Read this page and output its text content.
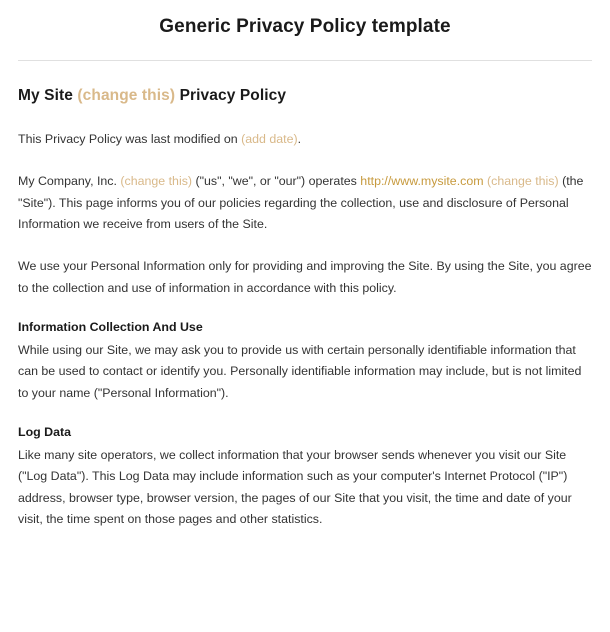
Generic Privacy Policy template
My Site (change this) Privacy Policy

This Privacy Policy was last modified on (add date).

My Company, Inc. (change this) ("us", "we", or "our") operates http://www.mysite.com (change this) (the "Site"). This page informs you of our policies regarding the collection, use and disclosure of Personal Information we receive from users of the Site.

We use your Personal Information only for providing and improving the Site. By using the Site, you agree to the collection and use of information in accordance with this policy.

Information Collection And Use

While using our Site, we may ask you to provide us with certain personally identifiable information that can be used to contact or identify you. Personally identifiable information may include, but is not limited to your name ("Personal Information").

Log Data

Like many site operators, we collect information that your browser sends whenever you visit our Site ("Log Data"). This Log Data may include information such as your computer's Internet Protocol ("IP") address, browser type, browser version, the pages of our Site that you visit, the time and date of your visit, the time spent on those pages and other statistics.
